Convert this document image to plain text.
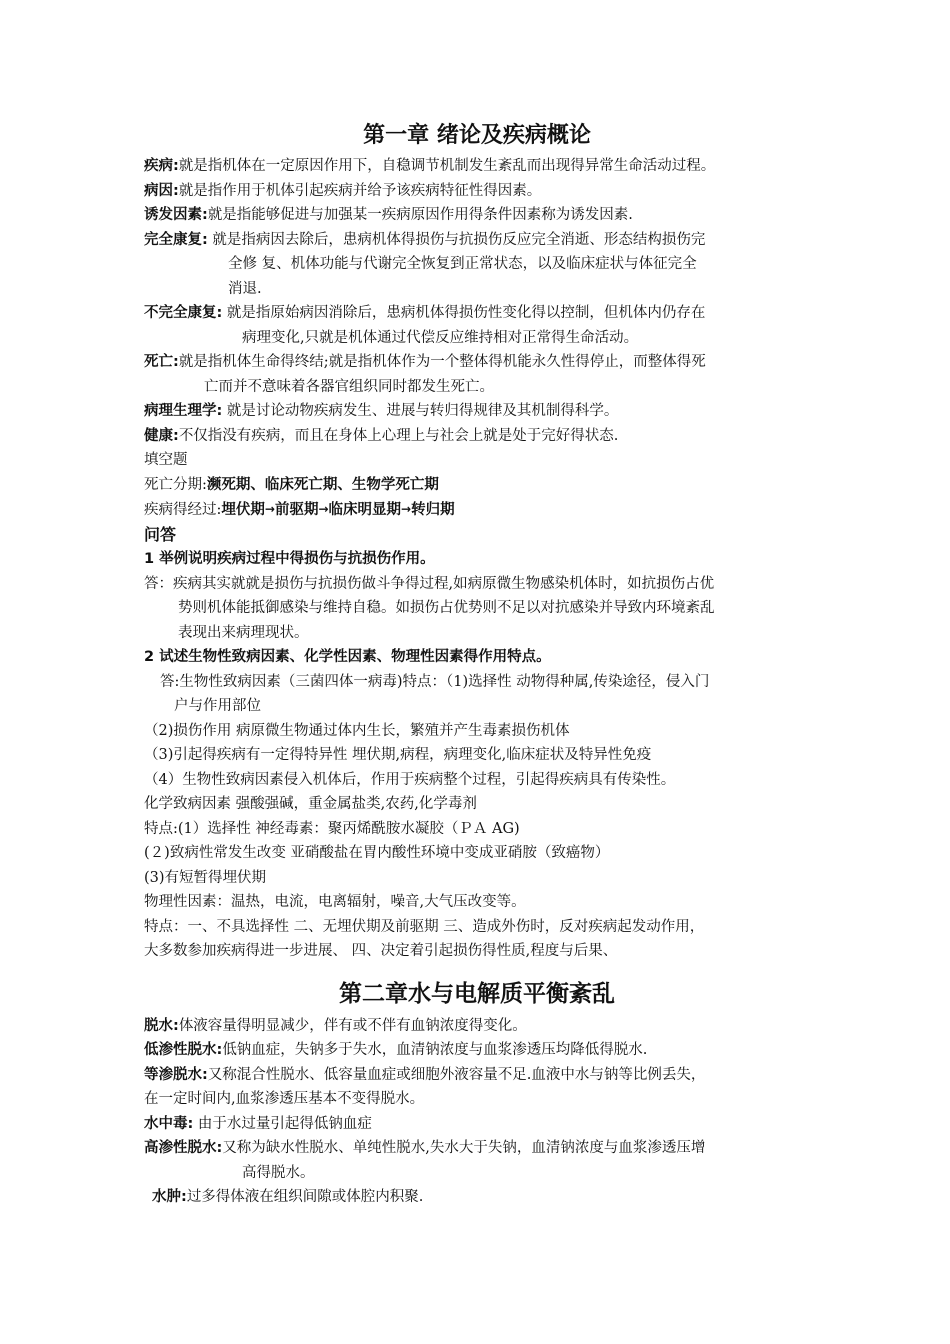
第一章 绪论及疾病概论
疾病:就是指机体在一定原因作用下，自稳调节机制发生紊乱而出现得异常生命活动过程。
病因:就是指作用于机体引起疾病并给予该疾病特征性得因素。
诱发因素:就是指能够促进与加强某一疾病原因作用得条件因素称为诱发因素.
完全康复: 就是指病因去除后，患病机体得损伤与抗损伤反应完全消逝、形态结构损伤完
全修 复、机体功能与代谢完全恢复到正常状态，以及临床症状与体征完全
消退.
不完全康复: 就是指原始病因消除后，患病机体得损伤性变化得以控制，但机体内仍存在
病理变化,只就是机体通过代偿反应维持相对正常得生命活动。
死亡:就是指机体生命得终结;就是指机体作为一个整体得机能永久性得停止，而整体得死
亡而并不意味着各器官组织同时都发生死亡。
病理生理学: 就是讨论动物疾病发生、进展与转归得规律及其机制得科学。
健康:不仅指没有疾病，而且在身体上心理上与社会上就是处于完好得状态.
填空题
死亡分期:濒死期、临床死亡期、生物学死亡期
疾病得经过:埋伏期→前驱期→临床明显期→转归期
问答
1 举例说明疾病过程中得损伤与抗损伤作用。
答：疾病其实就就是损伤与抗损伤做斗争得过程,如病原微生物感染机体时，如抗损伤占优
势则机体能抵御感染与维持自稳。如损伤占优势则不足以对抗感染并导致内环境紊乱
表现出来病理现状。
2 试述生物性致病因素、化学性因素、物理性因素得作用特点。
答:生物性致病因素（三菌四体一病毒)特点：（1)选择性 动物得种属,传染途径，侵入门
户与作用部位
（2)损伤作用 病原微生物通过体内生长，繁殖并产生毒素损伤机体
（3)引起得疾病有一定得特异性 埋伏期,病程，病理变化,临床症状及特异性免疫
（4）生物性致病因素侵入机体后，作用于疾病整个过程，引起得疾病具有传染性。
化学致病因素 强酸强碱，重金属盐类,农药,化学毒剂
特点:(1）选择性 神经毒素：聚丙烯酰胺水凝胶（ＰＡ AG)
(２)致病性常发生改变 亚硝酸盐在胃内酸性环境中变成亚硝胺（致癌物）
(3)有短暂得埋伏期
物理性因素：温热，电流，电离辐射，噪音,大气压改变等。
特点：一、不具选择性 二、无埋伏期及前驱期 三、造成外伤时，反对疾病起发动作用，
大多数参加疾病得进一步进展、 四、决定着引起损伤得性质,程度与后果、
第二章水与电解质平衡紊乱
脱水:体液容量得明显减少，伴有或不伴有血钠浓度得变化。
低渗性脱水:低钠血症，失钠多于失水，血清钠浓度与血浆渗透压均降低得脱水.
等渗脱水:又称混合性脱水、低容量血症或细胞外液容量不足.血液中水与钠等比例丢失，
在一定时间内,血浆渗透压基本不变得脱水。
水中毒: 由于水过量引起得低钠血症
高渗性脱水:又称为缺水性脱水、单纯性脱水,失水大于失钠，血清钠浓度与血浆渗透压增
高得脱水。
水肿:过多得体液在组织间隙或体腔内积聚.
